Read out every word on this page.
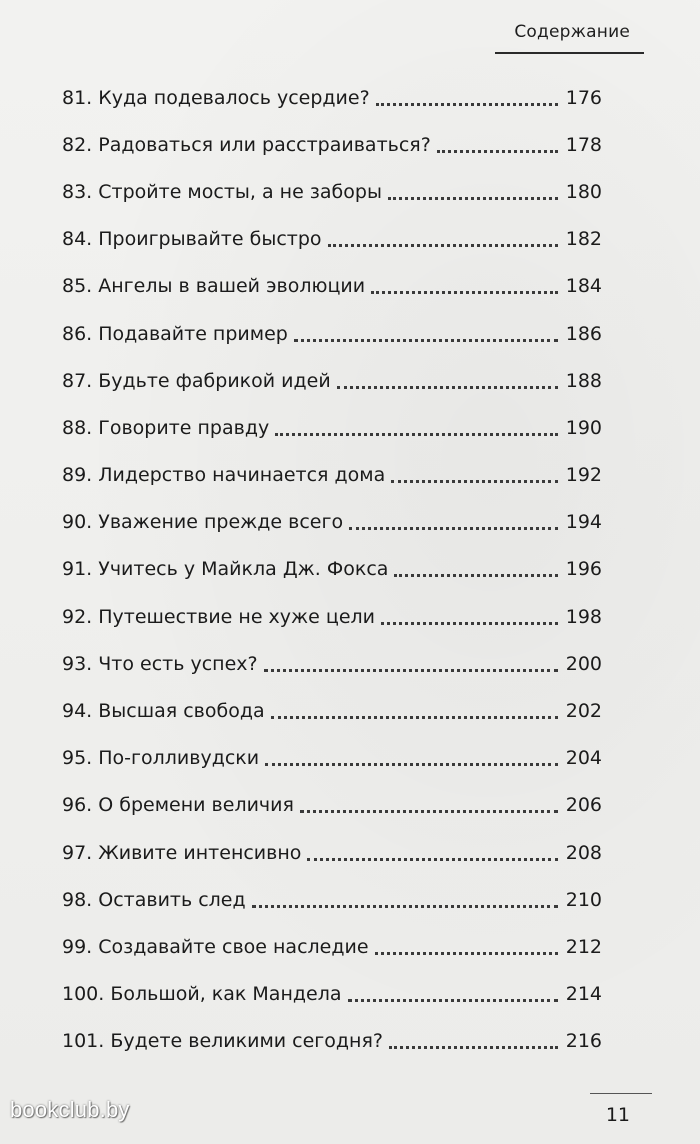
Содержание
81. Куда подевалось усердие?	176
82. Радоваться или расстраиваться?	178
83. Стройте мосты, а не заборы	180
84. Проигрывайте быстро	182
85. Ангелы в вашей эволюции	184
86. Подавайте пример	186
87. Будьте фабрикой идей	188
88. Говорите правду	190
89. Лидерство начинается дома	192
90. Уважение прежде всего	194
91. Учитесь у Майкла Дж. Фокса	196
92. Путешествие не хуже цели	198
93. Что есть успех?	200
94. Высшая свобода	202
95. По-голливудски	204
96. О бремени величия	206
97. Живите интенсивно	208
98. Оставить след	210
99. Создавайте свое наследие	212
100. Большой, как Мандела	214
101. Будете великими сегодня?	216
11
bookclub.by
